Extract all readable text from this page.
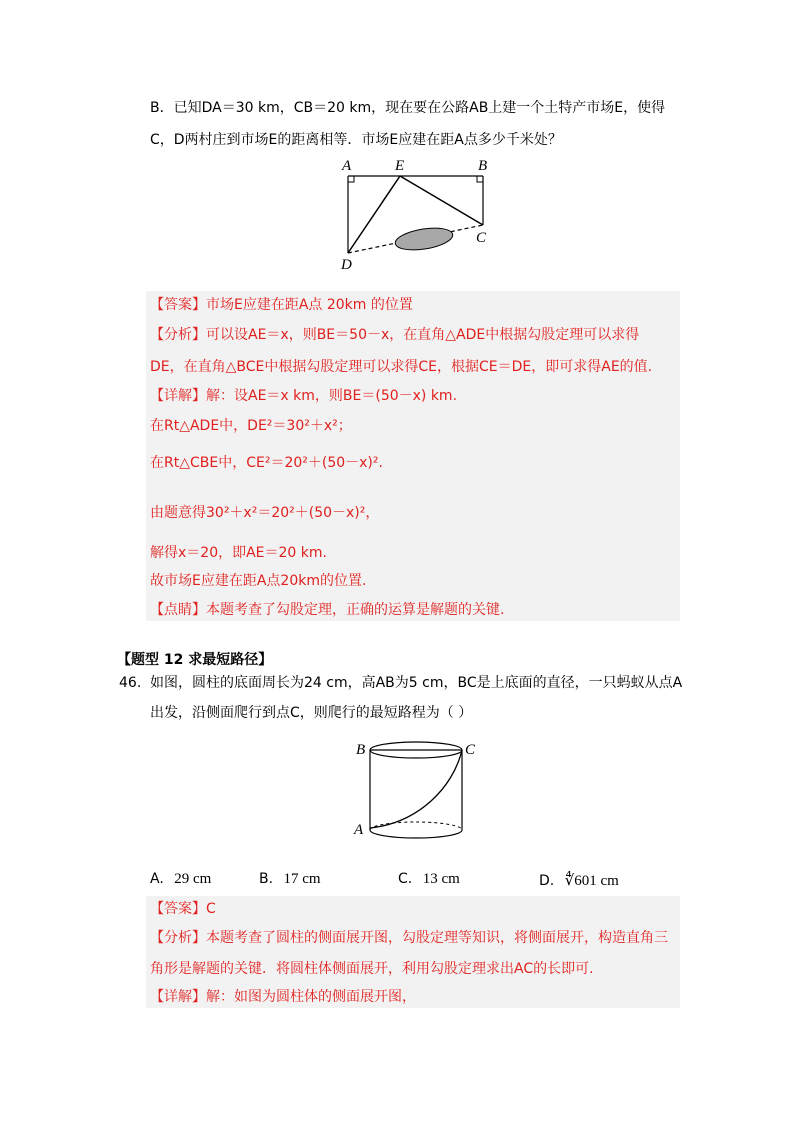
B．已知DA＝30 km，CB＝20 km，现在要在公路AB上建一个土特产市场E，使得
C，D两村庄到市场E的距离相等．市场E应建在距A点多少千米处？
A	E	B
C
D
【答案】市场E应建在距A点 20km 的位置
【分析】可以设AE＝x，则BE＝50－x，在直角△ADE中根据勾股定理可以求得
DE，在直角△BCE中根据勾股定理可以求得CE，根据CE＝DE，即可求得AE的值.
【详解】解：设AE＝x km，则BE＝(50－x) km.
在Rt△ADE中，DE²＝30²＋x²；
在Rt△CBE中，CE²＝20²＋(50－x)².
由题意得30²＋x²＝20²＋(50－x)²，
解得x＝20，即AE＝20 km.
故市场E应建在距A点20km的位置.
【点睛】本题考查了勾股定理，正确的运算是解题的关键.
【题型 12 求最短路径】
46. 如图，圆柱的底面周长为24 cm，高AB为5 cm，BC是上底面的直径，一只蚂蚁从点A
出发，沿侧面爬行到点C，则爬行的最短路程为（ ）
B	C
A
A. 29 cm	B. 17 cm	C. 13 cm	D. ∜601 cm
【答案】C
【分析】本题考查了圆柱的侧面展开图，勾股定理等知识，将侧面展开，构造直角三
角形是解题的关键．将圆柱体侧面展开，利用勾股定理求出AC的长即可.
【详解】解：如图为圆柱体的侧面展开图，
